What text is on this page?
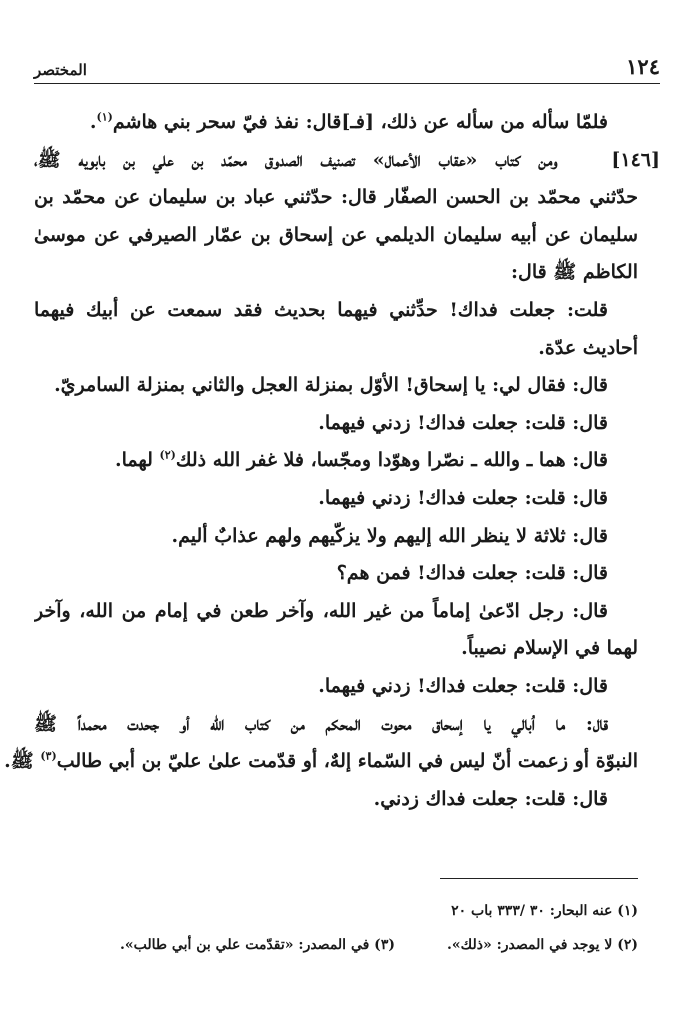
١٢٤
المختصر
فلمّا سأله من سأله عن ذلك، [فـ]قال: نفذ فيّ سحر بني هاشم$^{(١)}$.
[١٤٦]   ومن كتاب «عقاب الأعمال» تصنيف الصدوق محمّد بن علي بن بابويه ﷺ،
حدّثني محمّد بن الحسن الصفّار قال: حدّثني عباد بن سليمان عن محمّد بن
سليمان عن أبيه سليمان الديلمي عن إسحاق بن عمّار الصيرفي عن موسىٰ
الكاظم ﷺ قال:
قلت: جعلت فداك! حدِّثني فيهما بحديث فقد سمعت عن أبيك فيهما
أحاديث عدّة.
قال: فقال لي: يا إسحاق! الأوّل بمنزلة العجل والثاني بمنزلة السامريّ.
قال: قلت: جعلت فداك! زدني فيهما.
قال: هما ـ والله ـ نصّرا وهوّدا ومجّسا، فلا غفر الله ذلك$^{(٢)}$ لهما.
قال: قلت: جعلت فداك! زدني فيهما.
قال: ثلاثة لا ينظر الله إليهم ولا يزكّيهم ولهم عذابٌ أليم.
قال: قلت: جعلت فداك! فمن هم؟
قال: رجل ادّعىٰ إماماً من غير الله، وآخر طعن في إمام من الله، وآخر
لهما في الإسلام نصيباً.
قال: قلت: جعلت فداك! زدني فيهما.
قال: ما اُبالي يا إسحاق محوت المحكم من كتاب الله أو جحدت محمداً ﷺ
النبوّة أو زعمت أنّ ليس في السّماء إلهٌ، أو قدّمت علىٰ عليّ بن أبي طالب$^{(٣)}$ ﷺ.
قال: قلت: جعلت فداك زدني.
(١) عنه البحار: ٣٠ /٣٣٣ باب ٢٠
(٢) لا يوجد في المصدر: «ذلك».
(٣) في المصدر: «تقدّمت علي بن أبي طالب».
